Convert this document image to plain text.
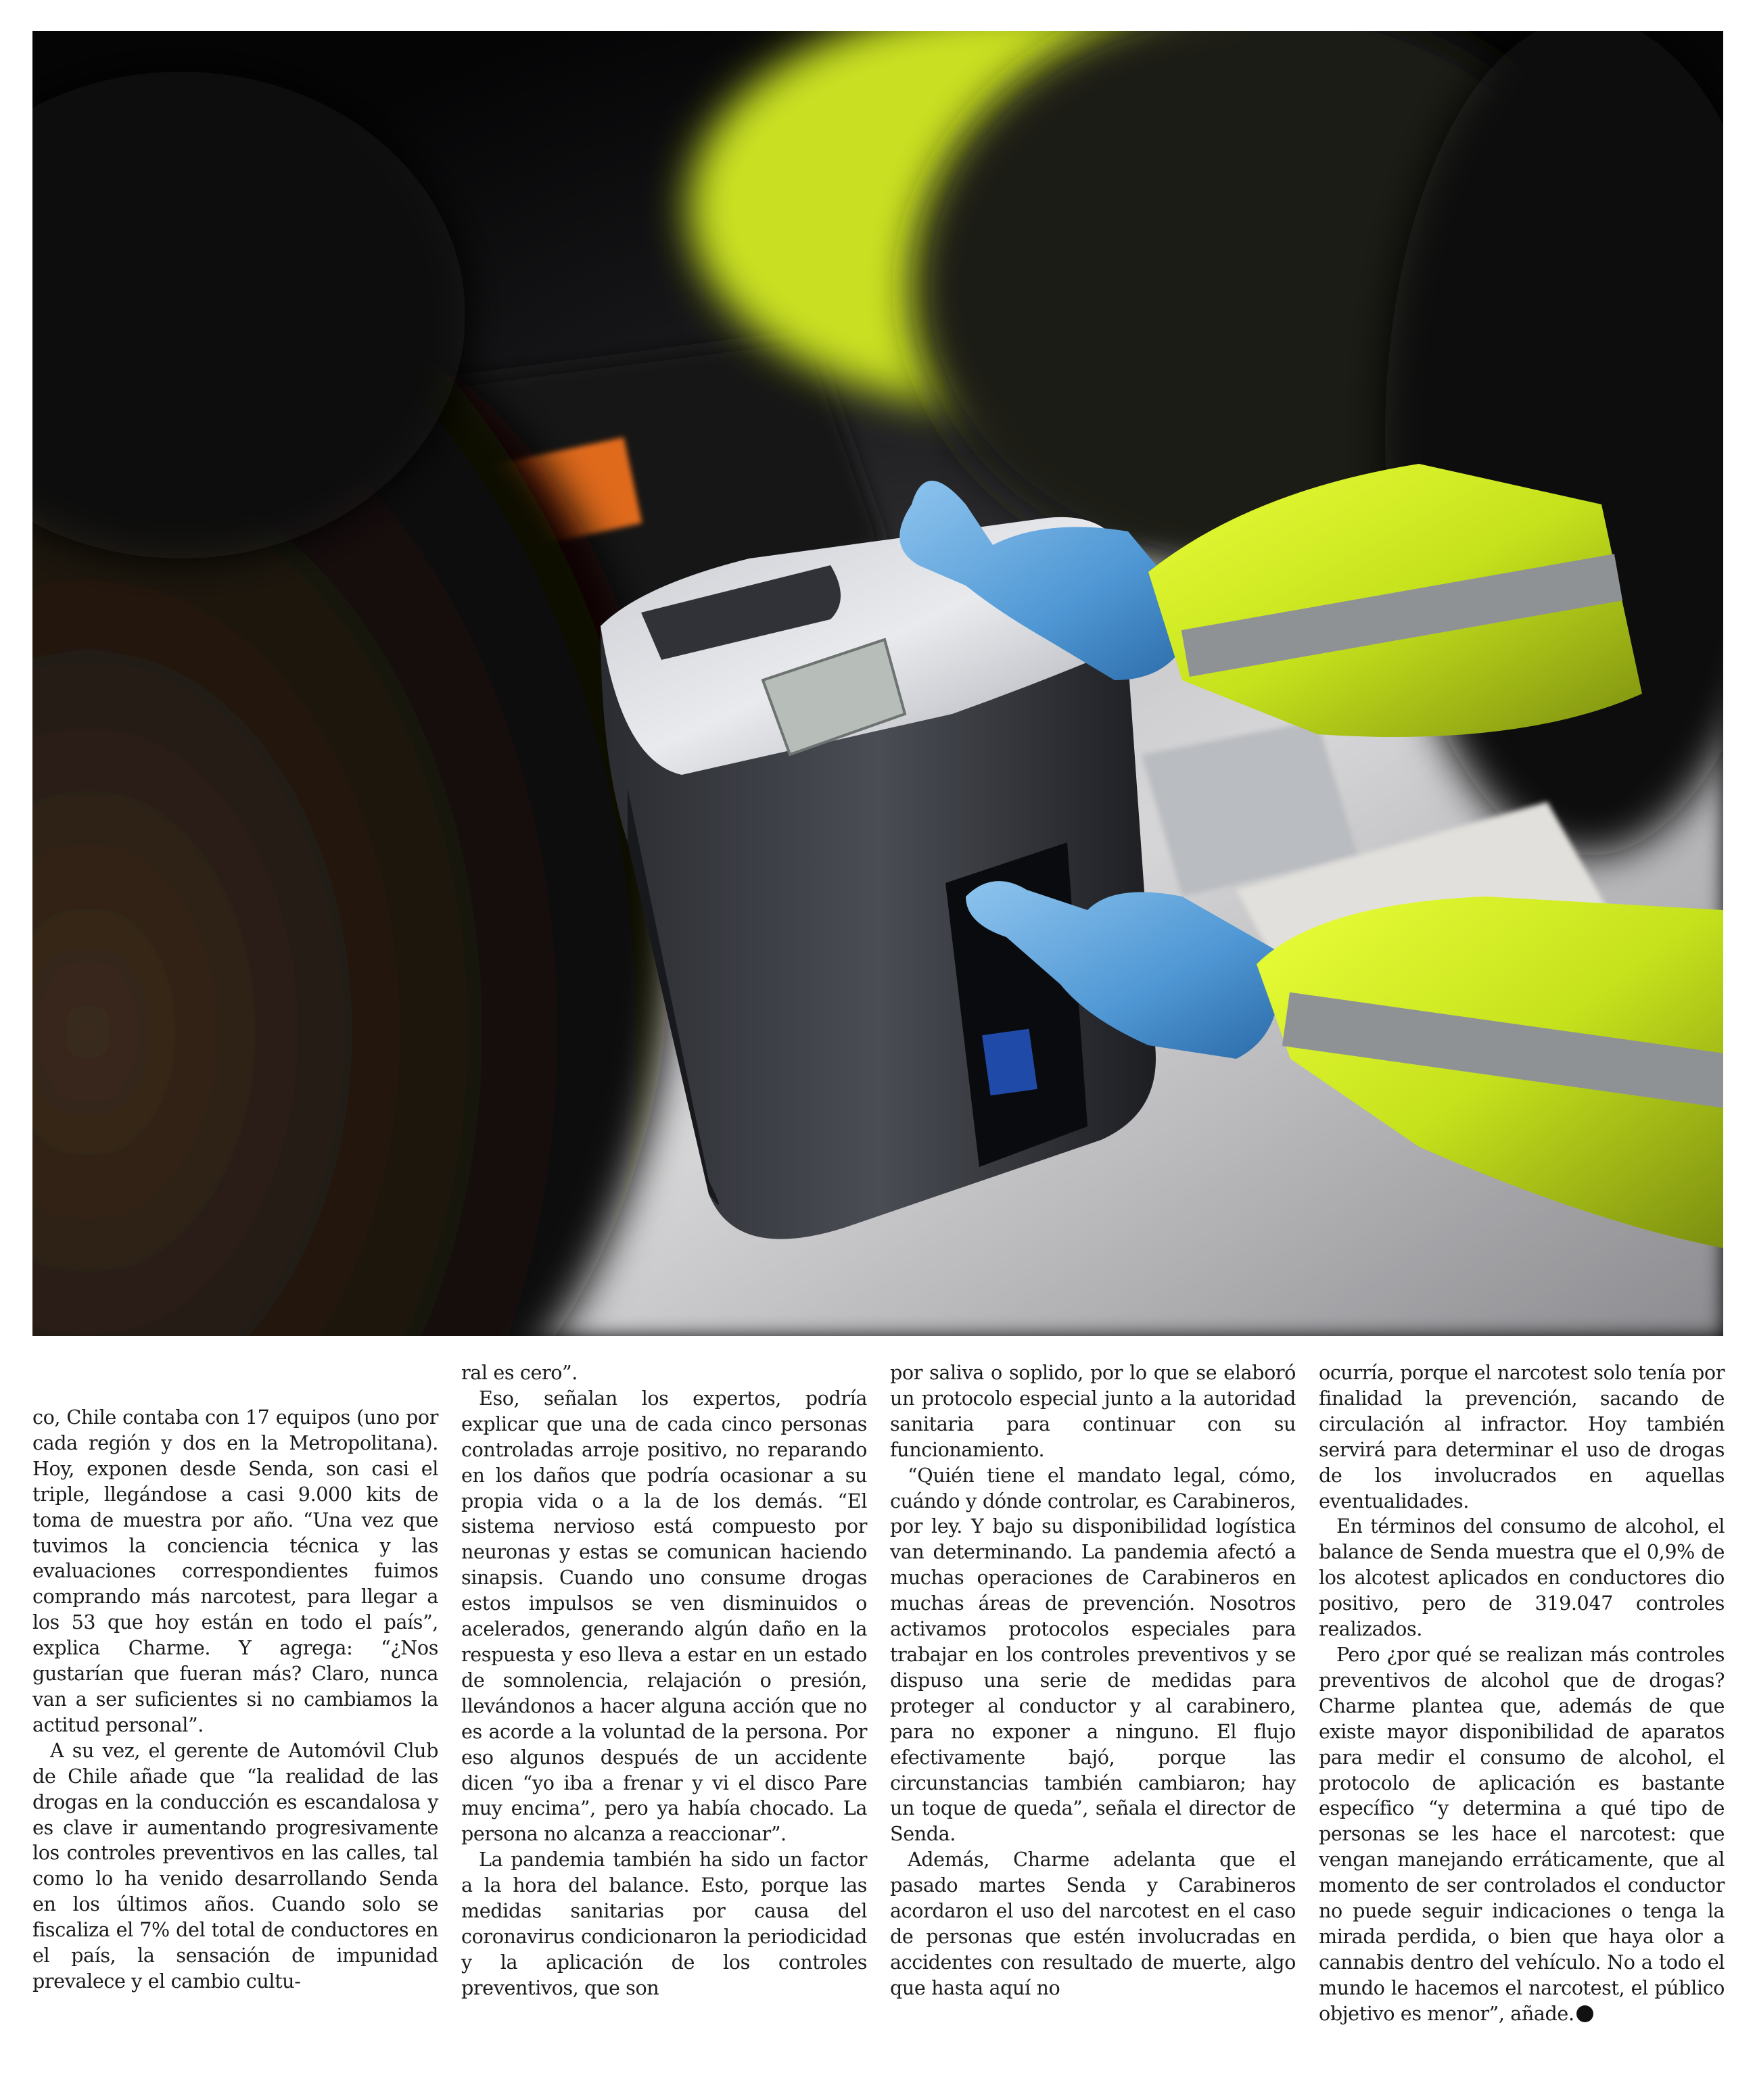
co, Chile contaba con 17 equipos (uno por cada región y dos en la Metropolitana). Hoy, exponen desde Senda, son casi el triple, llegándose a casi 9.000 kits de toma de muestra por año. “Una vez que tuvimos la conciencia técnica y las evaluaciones correspondientes fuimos comprando más narcotest, para llegar a los 53 que hoy están en todo el país”, explica Charme. Y agrega: “¿Nos gustarían que fueran más? Claro, nunca van a ser suficientes si no cambiamos la actitud personal”.

A su vez, el gerente de Automóvil Club de Chile añade que “la realidad de las drogas en la conducción es escandalosa y es clave ir aumentando progresivamente los controles preventivos en las calles, tal como lo ha venido desarrollando Senda en los últimos años. Cuando solo se fiscaliza el 7% del total de conductores en el país, la sensación de impunidad prevalece y el cambio cultu-

ral es cero”.

Eso, señalan los expertos, podría explicar que una de cada cinco personas controladas arroje positivo, no reparando en los daños que podría ocasionar a su propia vida o a la de los demás. “El sistema nervioso está compuesto por neuronas y estas se comunican haciendo sinapsis. Cuando uno consume drogas estos impulsos se ven disminuidos o acelerados, generando algún daño en la respuesta y eso lleva a estar en un estado de somnolencia, relajación o presión, llevándonos a hacer alguna acción que no es acorde a la voluntad de la persona. Por eso algunos después de un accidente dicen “yo iba a frenar y vi el disco Pare muy encima”, pero ya había chocado. La persona no alcanza a reaccionar”.

La pandemia también ha sido un factor a la hora del balance. Esto, porque las medidas sanitarias por causa del coronavirus condicionaron la periodicidad y la aplicación de los controles preventivos, que son

por saliva o soplido, por lo que se elaboró un protocolo especial junto a la autoridad sanitaria para continuar con su funcionamiento.

“Quién tiene el mandato legal, cómo, cuándo y dónde controlar, es Carabineros, por ley. Y bajo su disponibilidad logística van determinando. La pandemia afectó a muchas operaciones de Carabineros en muchas áreas de prevención. Nosotros activamos protocolos especiales para trabajar en los controles preventivos y se dispuso una serie de medidas para proteger al conductor y al carabinero, para no exponer a ninguno. El flujo efectivamente bajó, porque las circunstancias también cambiaron; hay un toque de queda”, señala el director de Senda.

Además, Charme adelanta que el pasado martes Senda y Carabineros acordaron el uso del narcotest en el caso de personas que estén involucradas en accidentes con resultado de muerte, algo que hasta aquí no

ocurría, porque el narcotest solo tenía por finalidad la prevención, sacando de circulación al infractor. Hoy también servirá para determinar el uso de drogas de los involucrados en aquellas eventualidades.

En términos del consumo de alcohol, el balance de Senda muestra que el 0,9% de los alcotest aplicados en conductores dio positivo, pero de 319.047 controles realizados.

Pero ¿por qué se realizan más controles preventivos de alcohol que de drogas? Charme plantea que, además de que existe mayor disponibilidad de aparatos para medir el consumo de alcohol, el protocolo de aplicación es bastante específico “y determina a qué tipo de personas se les hace el narcotest: que vengan manejando erráticamente, que al momento de ser controlados el conductor no puede seguir indicaciones o tenga la mirada perdida, o bien que haya olor a cannabis dentro del vehículo. No a todo el mundo le hacemos el narcotest, el público objetivo es menor”, añade.
